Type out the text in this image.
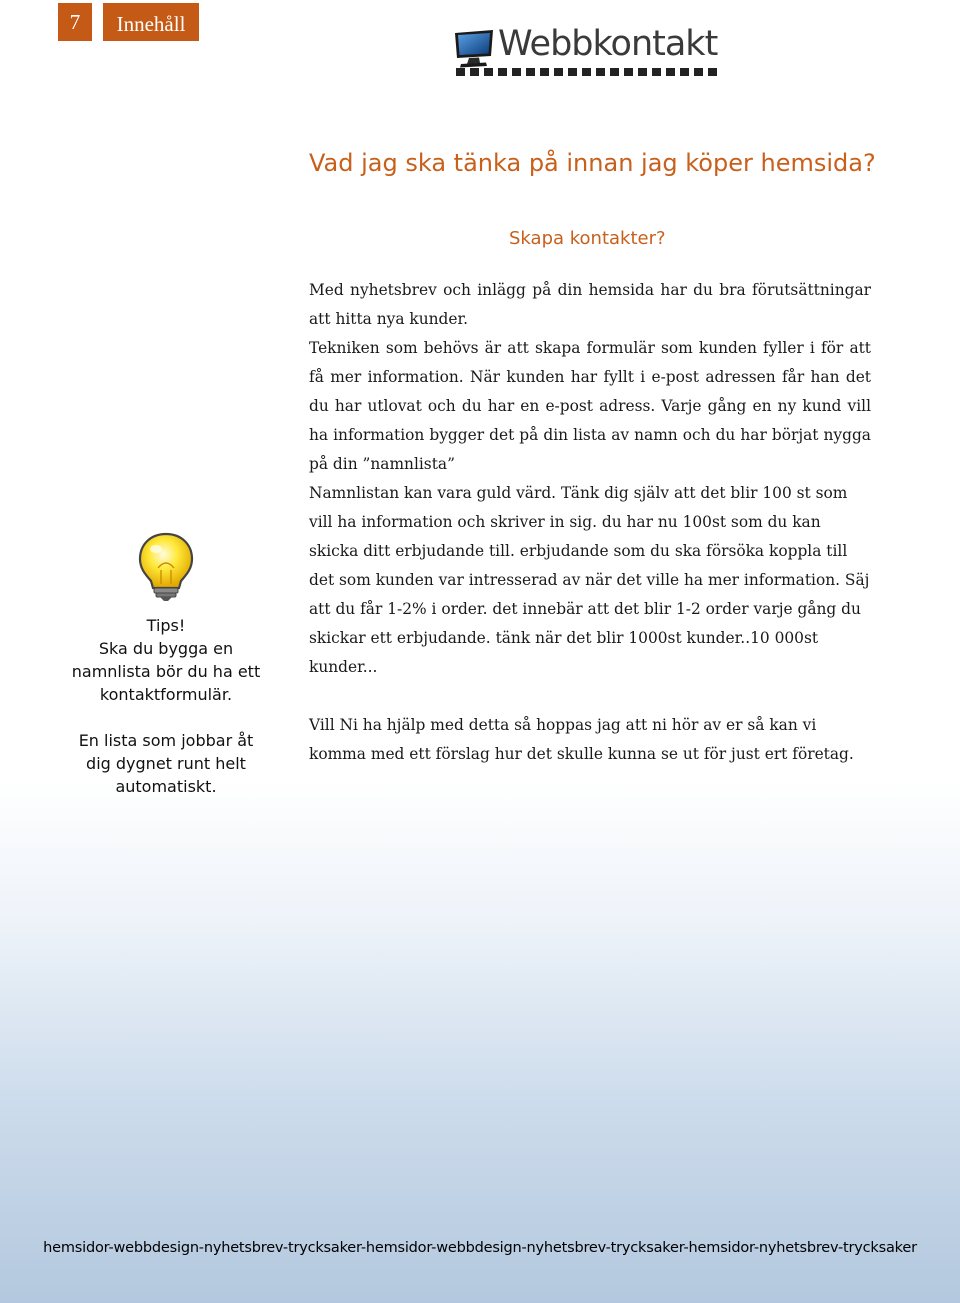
7	Innehåll	Webbkontakt
Vad jag ska tänka på innan jag köper hemsida?
Skapa kontakter?

Med nyhetsbrev och inlägg på din hemsida har du bra förutsättningar att hitta nya kunder.

Tekniken som behövs är att skapa formulär som kunden fyller i för att få mer information. När kunden har fyllt i e-post adressen får han det du har utlovat och du har en e-post adress. Varje gång en ny kund vill ha information bygger det på din lista av namn och du har börjat nygga på din ”namnlista”

Namnlistan kan vara guld värd. Tänk dig själv att det blir 100 st som vill ha information och skriver in sig. du har nu 100st som du kan skicka ditt erbjudande till. erbjudande som du ska försöka koppla till det som kunden var intresserad av när det ville ha mer information. Säj att du får 1-2% i order. det innebär att det blir 1-2 order varje gång du skickar ett erbjudande. tänk när det blir 1000st kunder..10 000st kunder...

Vill Ni ha hjälp med detta så hoppas jag att ni hör av er så kan vi komma med ett förslag hur det skulle kunna se ut för just ert företag.

Tips!

Ska du bygga en namnlista bör du ha ett kontaktformulär.

En lista som jobbar åt dig dygnet runt helt automatiskt.

hemsidor-webbdesign-nyhetsbrev-trycksaker-hemsidor-webbdesign-nyhetsbrev-trycksaker-hemsidor-nyhetsbrev-trycksaker
